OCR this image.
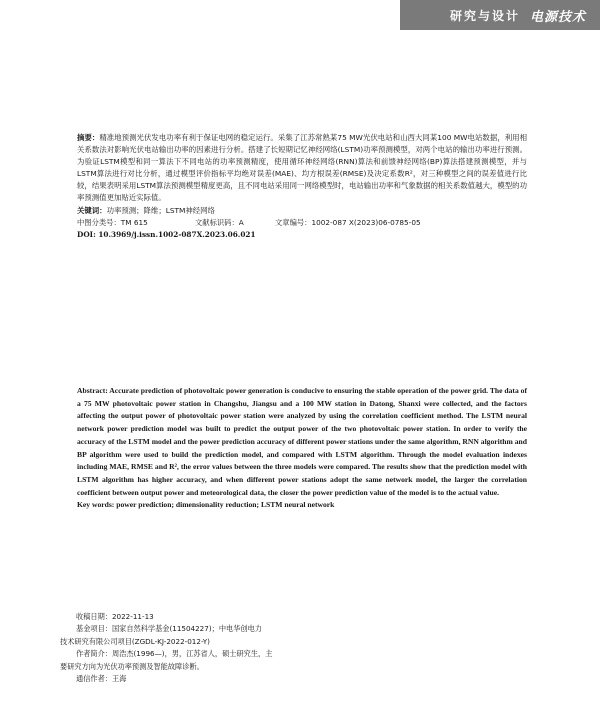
研究与设计 电源技术

摘要：精准地预测光伏发电功率有利于保证电网的稳定运行。采集了江苏常熟某75 MW光伏电站和山西大同某100 MW电站数据，利用相关系数法对影响光伏电站输出功率的因素进行分析。搭建了长短期记忆神经网络(LSTM)功率预测模型，对两个电站的输出功率进行预测。为验证LSTM模型和同一算法下不同电站的功率预测精度，使用循环神经网络(RNN)算法和前馈神经网络(BP)算法搭建预测模型，并与LSTM算法进行对比分析，通过模型评价指标平均绝对误差(MAE)、均方根误差(RMSE)及决定系数R²，对三种模型之间的误差值进行比较，结果表明采用LSTM算法预测模型精度更高，且不同电站采用同一网络模型时，电站输出功率和气象数据的相关系数值越大，模型的功率预测值更加贴近实际值。

关键词：功率预测；降维；LSTM神经网络

中图分类号：TM 615	文献标识码：A	文章编号：1002-087 X(2023)06-0785-05
DOI: 10.3969/j.issn.1002-087X.2023.06.021

Abstract: Accurate prediction of photovoltaic power generation is conducive to ensuring the stable operation of the power grid. The data of a 75 MW photovoltaic power station in Changshu, Jiangsu and a 100 MW station in Datong, Shanxi were collected, and the factors affecting the output power of photovoltaic power station were analyzed by using the correlation coefficient method. The LSTM neural network power prediction model was built to predict the output power of the two photovoltaic power station. In order to verify the accuracy of the LSTM model and the power prediction accuracy of different power stations under the same algorithm, RNN algorithm and BP algorithm were used to build the prediction model, and compared with LSTM algorithm. Through the model evaluation indexes including MAE, RMSE and R², the error values between the three models were compared. The results show that the prediction model with LSTM algorithm has higher accuracy, and when different power stations adopt the same network model, the larger the correlation coefficient between output power and meteorological data, the closer the power prediction value of the model is to the actual value.

Key words: power prediction; dimensionality reduction; LSTM neural network

收稿日期：2022-11-13
基金项目：国家自然科学基金(11504227)；中电华创电力
技术研究有限公司项目(ZGDL-KJ-2022-012-Y)
作者简介：周浩杰(1996—)，男，江苏省人，硕士研究生，主
要研究方向为光伏功率预测及智能故障诊断。
通信作者：王海
